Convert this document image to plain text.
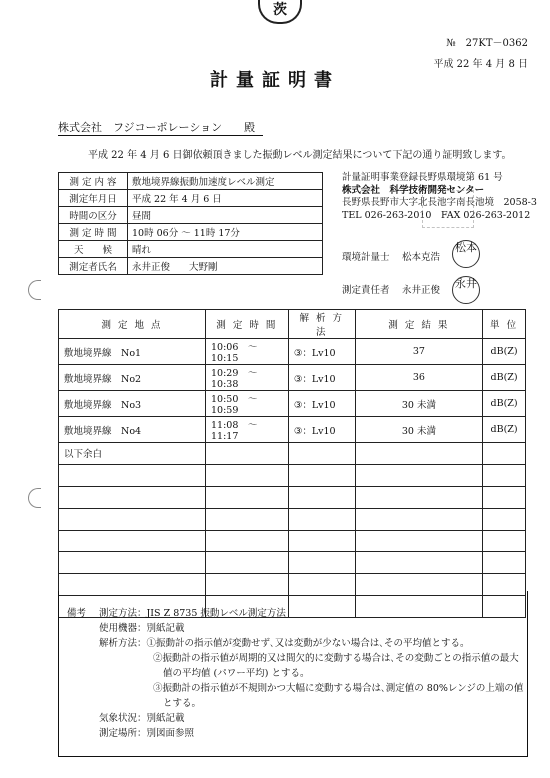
茨
№　27KT－0362
平成 22 年 4 月 8 日
計量証明書
株式会社　フジコーポレーション　　殿
平成 22 年 4 月 6 日御依頼頂きました振動レベル測定結果について下記の通り証明致します。
測 定 内 容	敷地境界線振動加速度レベル測定
測定年月日	平成 22 年 4 月 6 日
時間の区分	昼間
測 定 時 間	10時 06分 ～ 11時 17分
天　　候	晴れ
測定者氏名	永井正俊　　大野剛
計量証明事業登録長野県環境第 61 号
株式会社　科学技術開発センター
長野県長野市大字北長池字南長池境　2058-3
TEL 026-263-2010　FAX 026-263-2012
環境計量士　 松本克浩
松本
測定責任者　 永井正俊
永井
測 定 地 点	測 定 時 間	解 析 方 法	測 定 結 果	単 位
敷地境界線　No1	10:06　～　10:15	③：Lv10	37	dB(Z)
敷地境界線　No2	10:29　～　10:38	③：Lv10	36	dB(Z)
敷地境界線　No3	10:50　～　10:59	③：Lv10	30 未満	dB(Z)
敷地境界線　No4	11:08　～　11:17	③：Lv10	30 未満	dB(Z)
以下余白				

備考 測定方法：JIS Z 8735 振動レベル測定方法
使用機器：別紙記載
解析方法：①振動計の指示値が変動せず､又は変動が少ない場合は､その平均値とする。
②振動計の指示値が周期的又は間欠的に変動する場合は､その変動ごとの指示値の最大
値の平均値 (パワー平均) とする。
③振動計の指示値が不規則かつ大幅に変動する場合は､測定値の 80%レンジの上端の値
とする。
気象状況：別紙記載
測定場所：別図面参照
